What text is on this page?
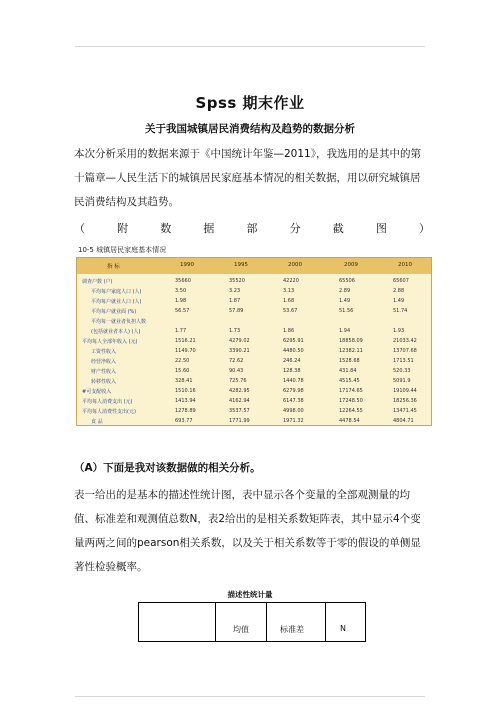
Spss 期末作业
关于我国城镇居民消费结构及趋势的数据分析
本次分析采用的数据来源于《中国统计年鉴—2011》，我选用的是其中的第十篇章—人民生活下的城镇居民家庭基本情况的相关数据，用以研究城镇居民消费结构及其趋势。
（	附	数	据	部	分	截	图	）
10-5 城镇居民家庭基本情况
指 标	1990	1995	2000	2009	2010
调查户数 (户)	35660	35520	42220	65506	65607
平均每户家庭人口 (人)	3.50	3.23	3.13	2.89	2.88
平均每户就业人口 (人)	1.98	1.87	1.68	1.49	1.49
平均每户就业面 (%)	56.57	57.89	53.67	51.56	51.74
平均每一就业者负担人数
(包括就业者本人) (人)	1.77	1.73	1.86	1.94	1.93
平均每人全部年收入 (元)	1516.21	4279.02	6295.91	18858.09	21033.42
工资性收入	1149.70	3390.21	4480.50	12382.11	13707.68
经营净收入	22.50	72.62	246.24	1528.68	1713.51
财产性收入	15.60	90.43	128.38	431.84	520.33
转移性收入	328.41	725.76	1440.78	4515.45	5091.9
#可支配收入	1510.16	4282.95	6279.98	17174.65	19109.44
平均每人消费支出 (元)	1413.94	4162.94	6147.38	17248.50	18256.36
平均每人消费性支出(元)	1278.89	3537.57	4998.00	12264.55	13471.45
食 品	693.77	1771.99	1971.32	4478.54	4804.71
（A）下面是我对该数据做的相关分析。
表一给出的是基本的描述性统计图，表中显示各个变量的全部观测量的均值、标准差和观测值总数N，表2给出的是相关系数矩阵表，其中显示4个变量两两之间的pearson相关系数，以及关于相关系数等于零的假设的单侧显著性检验概率。
描述性统计量
均值	标准差	N
